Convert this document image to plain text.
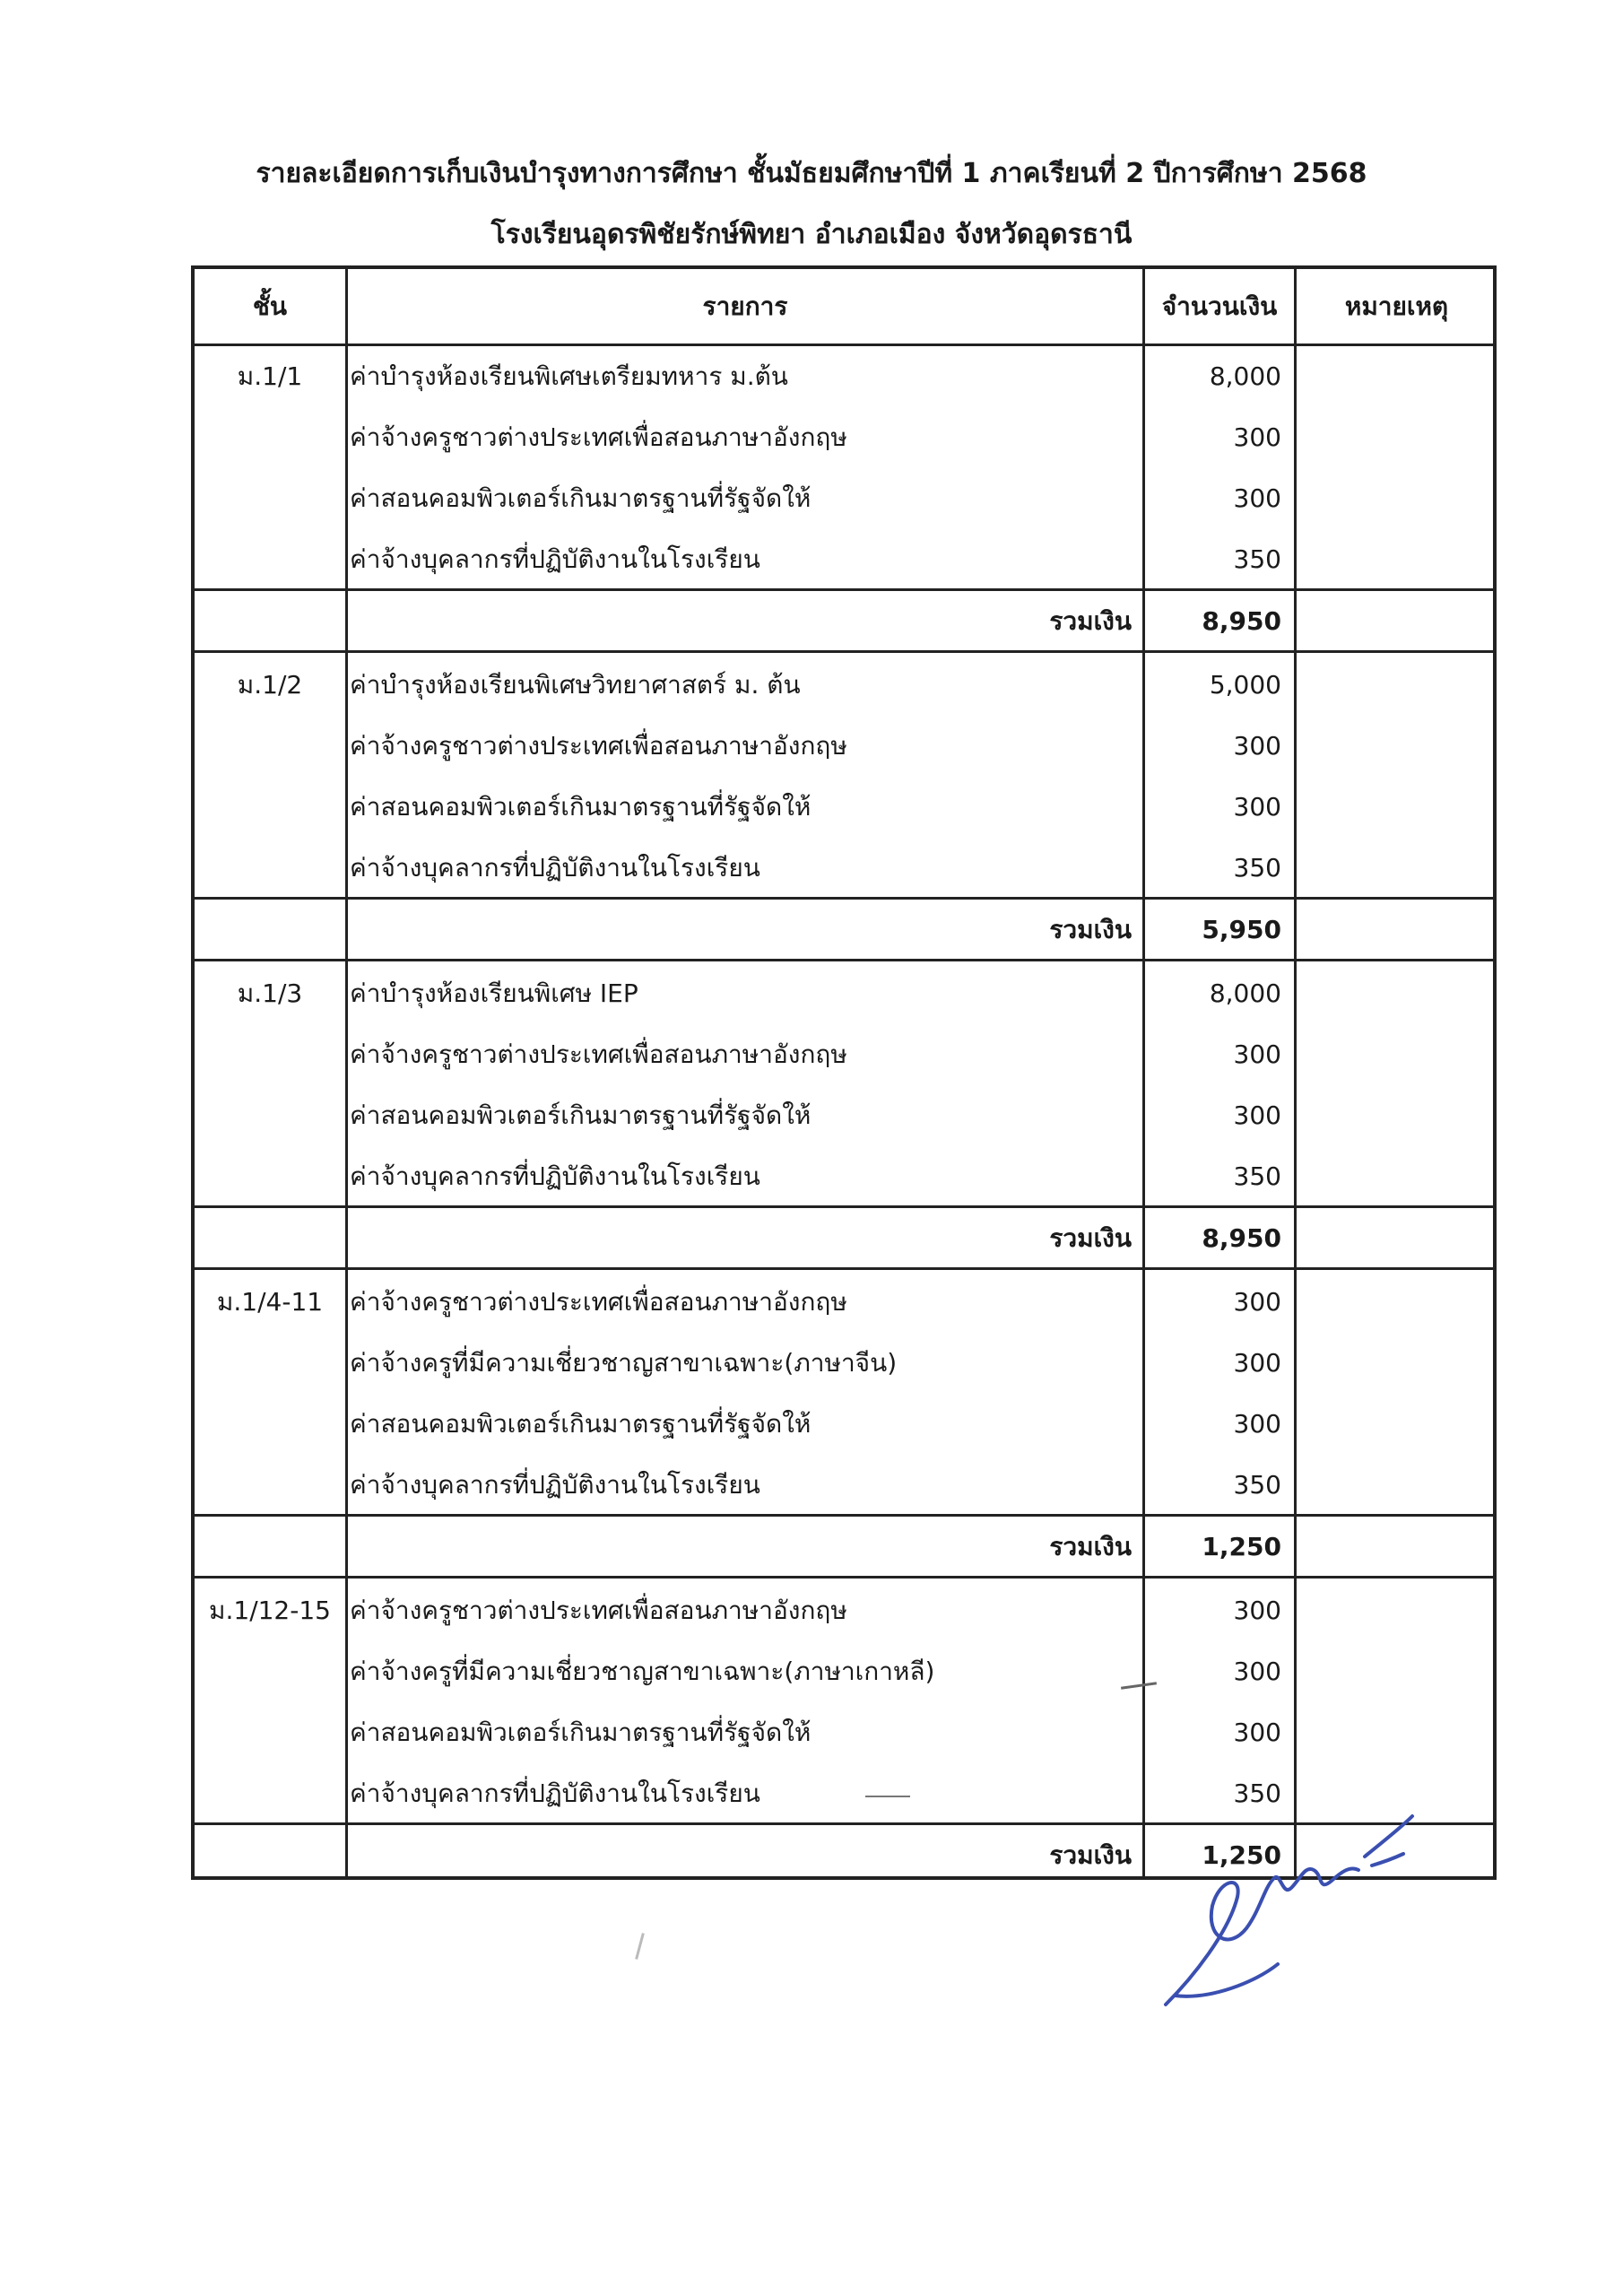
รายละเอียดการเก็บเงินบำรุงทางการศึกษา ชั้นมัธยมศึกษาปีที่ 1 ภาคเรียนที่ 2 ปีการศึกษา 2568
โรงเรียนอุดรพิชัยรักษ์พิทยา อำเภอเมือง จังหวัดอุดรธานี
ชั้น	รายการ	จำนวนเงิน	หมายเหตุ
ม.1/1	ค่าบำรุงห้องเรียนพิเศษเตรียมทหาร ม.ต้น	8,000
ค่าจ้างครูชาวต่างประเทศเพื่อสอนภาษาอังกฤษ	300
ค่าสอนคอมพิวเตอร์เกินมาตรฐานที่รัฐจัดให้	300
ค่าจ้างบุคลากรที่ปฏิบัติงานในโรงเรียน	350
รวมเงิน	8,950
ม.1/2	ค่าบำรุงห้องเรียนพิเศษวิทยาศาสตร์ ม. ต้น	5,000
ค่าจ้างครูชาวต่างประเทศเพื่อสอนภาษาอังกฤษ	300
ค่าสอนคอมพิวเตอร์เกินมาตรฐานที่รัฐจัดให้	300
ค่าจ้างบุคลากรที่ปฏิบัติงานในโรงเรียน	350
รวมเงิน	5,950
ม.1/3	ค่าบำรุงห้องเรียนพิเศษ IEP	8,000
ค่าจ้างครูชาวต่างประเทศเพื่อสอนภาษาอังกฤษ	300
ค่าสอนคอมพิวเตอร์เกินมาตรฐานที่รัฐจัดให้	300
ค่าจ้างบุคลากรที่ปฏิบัติงานในโรงเรียน	350
รวมเงิน	8,950
ม.1/4-11	ค่าจ้างครูชาวต่างประเทศเพื่อสอนภาษาอังกฤษ	300
ค่าจ้างครูที่มีความเชี่ยวชาญสาขาเฉพาะ(ภาษาจีน)	300
ค่าสอนคอมพิวเตอร์เกินมาตรฐานที่รัฐจัดให้	300
ค่าจ้างบุคลากรที่ปฏิบัติงานในโรงเรียน	350
รวมเงิน	1,250
ม.1/12-15 ค่าจ้างครูชาวต่างประเทศเพื่อสอนภาษาอังกฤษ	300
ค่าจ้างครูที่มีความเชี่ยวชาญสาขาเฉพาะ(ภาษาเกาหลี)	300
ค่าสอนคอมพิวเตอร์เกินมาตรฐานที่รัฐจัดให้	300
ค่าจ้างบุคลากรที่ปฏิบัติงานในโรงเรียน	350
รวมเงิน	1,250
